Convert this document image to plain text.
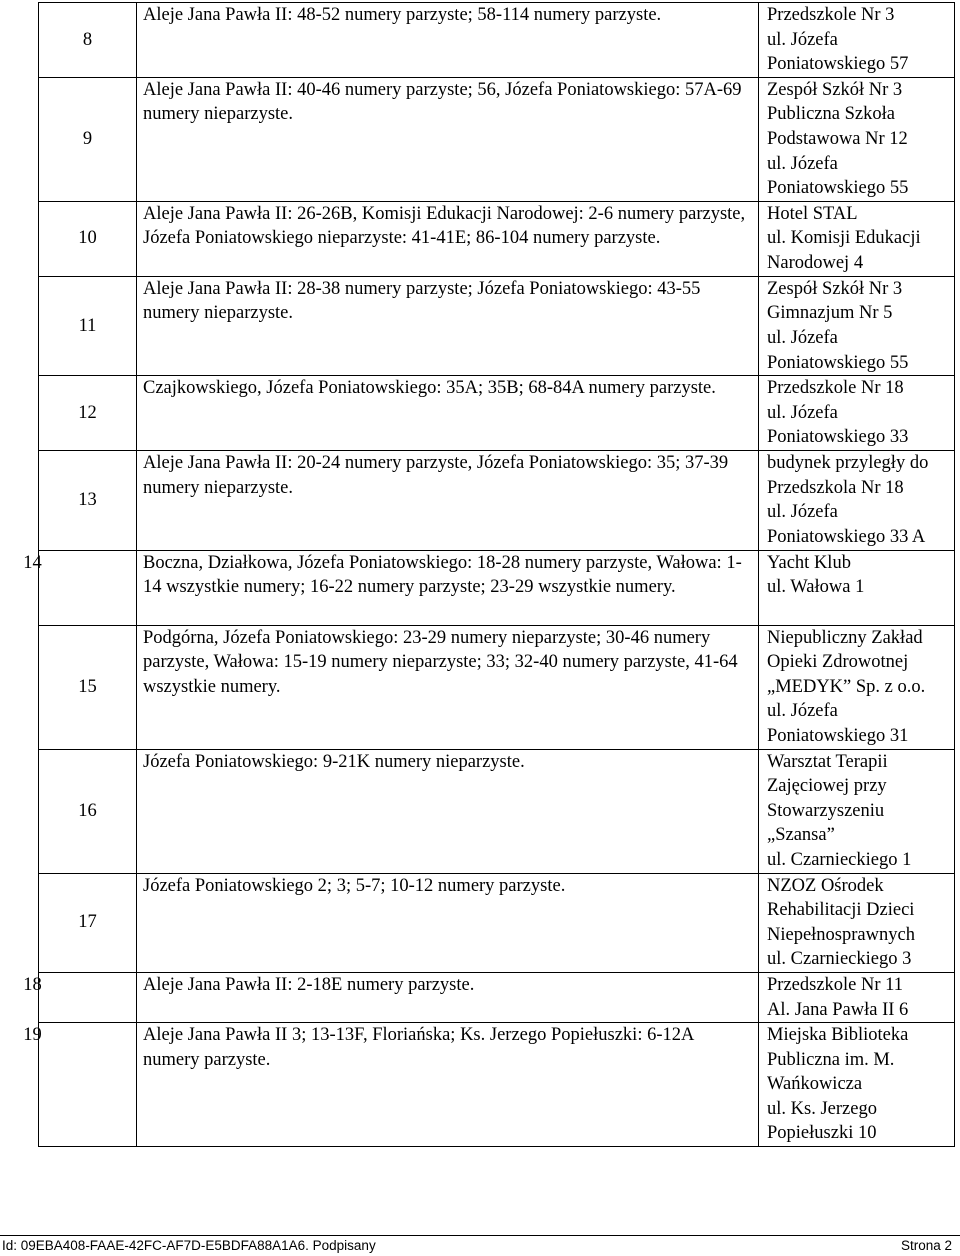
8	Aleje Jana Pawła II: 48-52 numery parzyste; 58-114 numery parzyste.	Przedszkole Nr 3
ul. Józefa
Poniatowskiego 57

9	Aleje Jana Pawła II: 40-46 numery parzyste; 56, Józefa Poniatowskiego: 57A-69 numery nieparzyste.	Zespół Szkół Nr 3
Publiczna Szkoła
Podstawowa Nr 12
ul. Józefa
Poniatowskiego 55

10	Aleje Jana Pawła II: 26-26B, Komisji Edukacji Narodowej: 2-6 numery parzyste, Józefa Poniatowskiego nieparzyste: 41-41E; 86-104 numery parzyste.	Hotel STAL
ul. Komisji Edukacji
Narodowej 4

11	Aleje Jana Pawła II: 28-38 numery parzyste; Józefa Poniatowskiego: 43-55 numery nieparzyste.	Zespół Szkół Nr 3
Gimnazjum Nr 5
ul. Józefa
Poniatowskiego 55

12	Czajkowskiego, Józefa Poniatowskiego: 35A; 35B; 68-84A numery parzyste.	Przedszkole Nr 18
ul. Józefa
Poniatowskiego 33

13	Aleje Jana Pawła II: 20-24 numery parzyste, Józefa Poniatowskiego: 35; 37-39 numery nieparzyste.	budynek przyległy do
Przedszkola Nr 18
ul. Józefa
Poniatowskiego 33 A

14	Boczna, Działkowa, Józefa Poniatowskiego: 18-28 numery parzyste, Wałowa: 1-14 wszystkie numery; 16-22 numery parzyste; 23-29 wszystkie numery.	Yacht Klub
ul. Wałowa 1

15	Podgórna, Józefa Poniatowskiego: 23-29 numery nieparzyste; 30-46 numery parzyste, Wałowa: 15-19 numery nieparzyste; 33; 32-40 numery parzyste, 41-64 wszystkie numery.	Niepubliczny Zakład
Opieki Zdrowotnej
„MEDYK” Sp. z o.o.
ul. Józefa
Poniatowskiego 31

16	Józefa Poniatowskiego: 9-21K numery nieparzyste.	Warsztat Terapii
Zajęciowej przy
Stowarzyszeniu
„Szansa”
ul. Czarnieckiego 1

17	Józefa Poniatowskiego 2; 3; 5-7; 10-12 numery parzyste.	NZOZ Ośrodek
Rehabilitacji Dzieci
Niepełnosprawnych
ul. Czarnieckiego 3

18	Aleje Jana Pawła II: 2-18E numery parzyste.	Przedszkole Nr 11
Al. Jana Pawła II 6

19	Aleje Jana Pawła II 3; 13-13F, Floriańska; Ks. Jerzego Popiełuszki: 6-12A numery parzyste.	Miejska Biblioteka
Publiczna im. M.
Wańkowicza
ul. Ks. Jerzego
Popiełuszki 10
Id: 09EBA408-FAAE-42FC-AF7D-E5BDFA88A1A6. Podpisany	Strona 2
